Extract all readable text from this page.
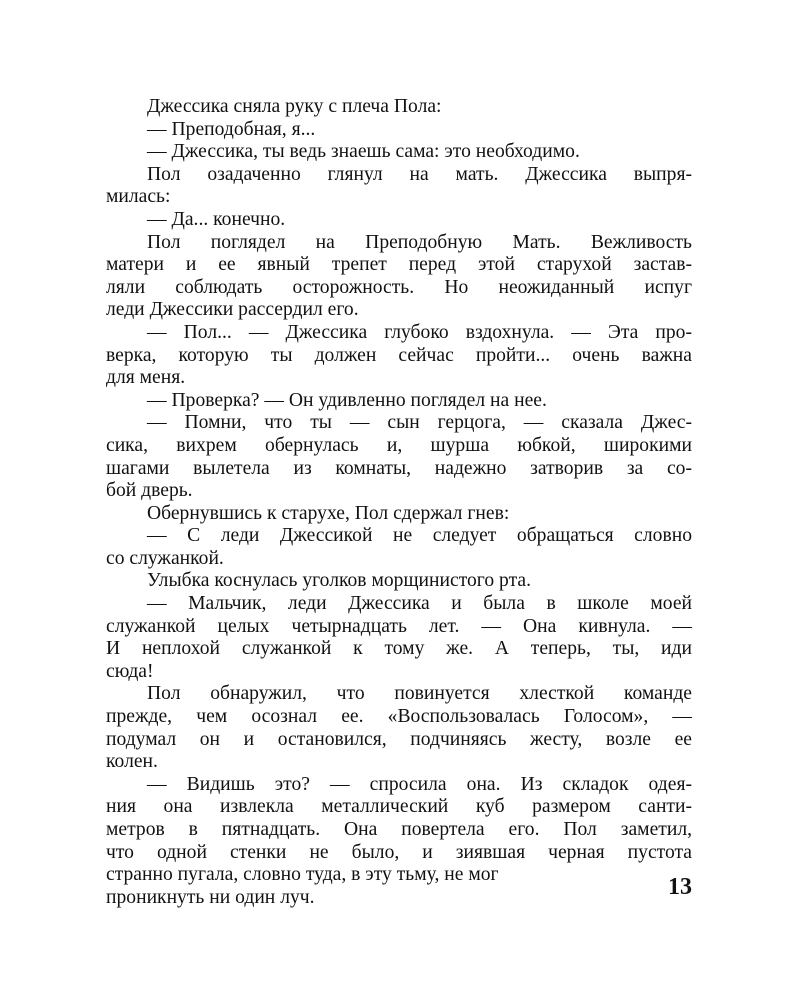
Джессика сняла руку с плеча Пола:
— Преподобная, я...
— Джессика, ты ведь знаешь сама: это необходимо.
Пол озадаченно глянул на мать. Джессика выпря-
милась:
— Да... конечно.
Пол поглядел на Преподобную Мать. Вежливость
матери и ее явный трепет перед этой старухой застав-
ляли соблюдать осторожность. Но неожиданный испуг
леди Джессики рассердил его.
— Пол... — Джессика глубоко вздохнула. — Эта про-
верка, которую ты должен сейчас пройти... очень важна
для меня.
— Проверка? — Он удивленно поглядел на нее.
— Помни, что ты — сын герцога, — сказала Джес-
сика, вихрем обернулась и, шурша юбкой, широкими
шагами вылетела из комнаты, надежно затворив за со-
бой дверь.
Обернувшись к старухе, Пол сдержал гнев:
— С леди Джессикой не следует обращаться словно
со служанкой.
Улыбка коснулась уголков морщинистого рта.
— Мальчик, леди Джессика и была в школе моей
служанкой целых четырнадцать лет. — Она кивнула. —
И неплохой служанкой к тому же. А теперь, ты, иди
сюда!
Пол обнаружил, что повинуется хлесткой команде
прежде, чем осознал ее. «Воспользовалась Голосом», —
подумал он и остановился, подчиняясь жесту, возле ее
колен.
— Видишь это? — спросила она. Из складок одея-
ния она извлекла металлический куб размером санти-
метров в пятнадцать. Она повертела его. Пол заметил,
что одной стенки не было, и зиявшая черная пустота
странно пугала, словно туда, в эту тьму, не мог
проникнуть ни один луч.	13
